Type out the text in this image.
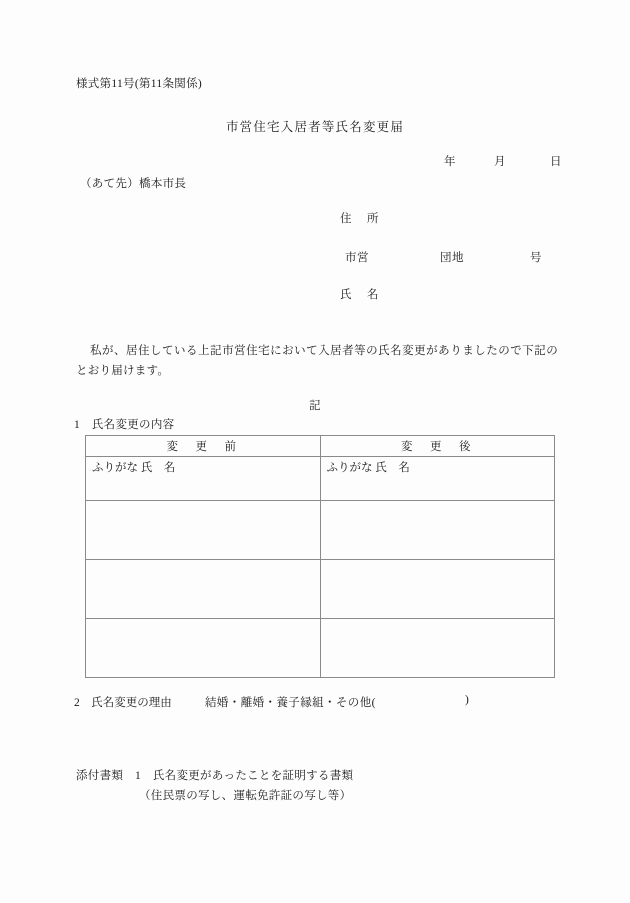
様式第11号(第11条関係)
市営住宅入居者等氏名変更届
年	月	日
（あて先）橋本市長
住　所
市営	団地	号
氏　名
私が、居住している上記市営住宅において入居者等の氏名変更がありましたので下記のとおり届けます。
記
1　氏名変更の内容
変　更　前	変　更　後
ふりがな 氏　名	ふりがな 氏　名

2　氏名変更の理由	結婚・離婚・養子縁組・その他(	)
添付書類　1　氏名変更があったことを証明する書類
（住民票の写し、運転免許証の写し等）
